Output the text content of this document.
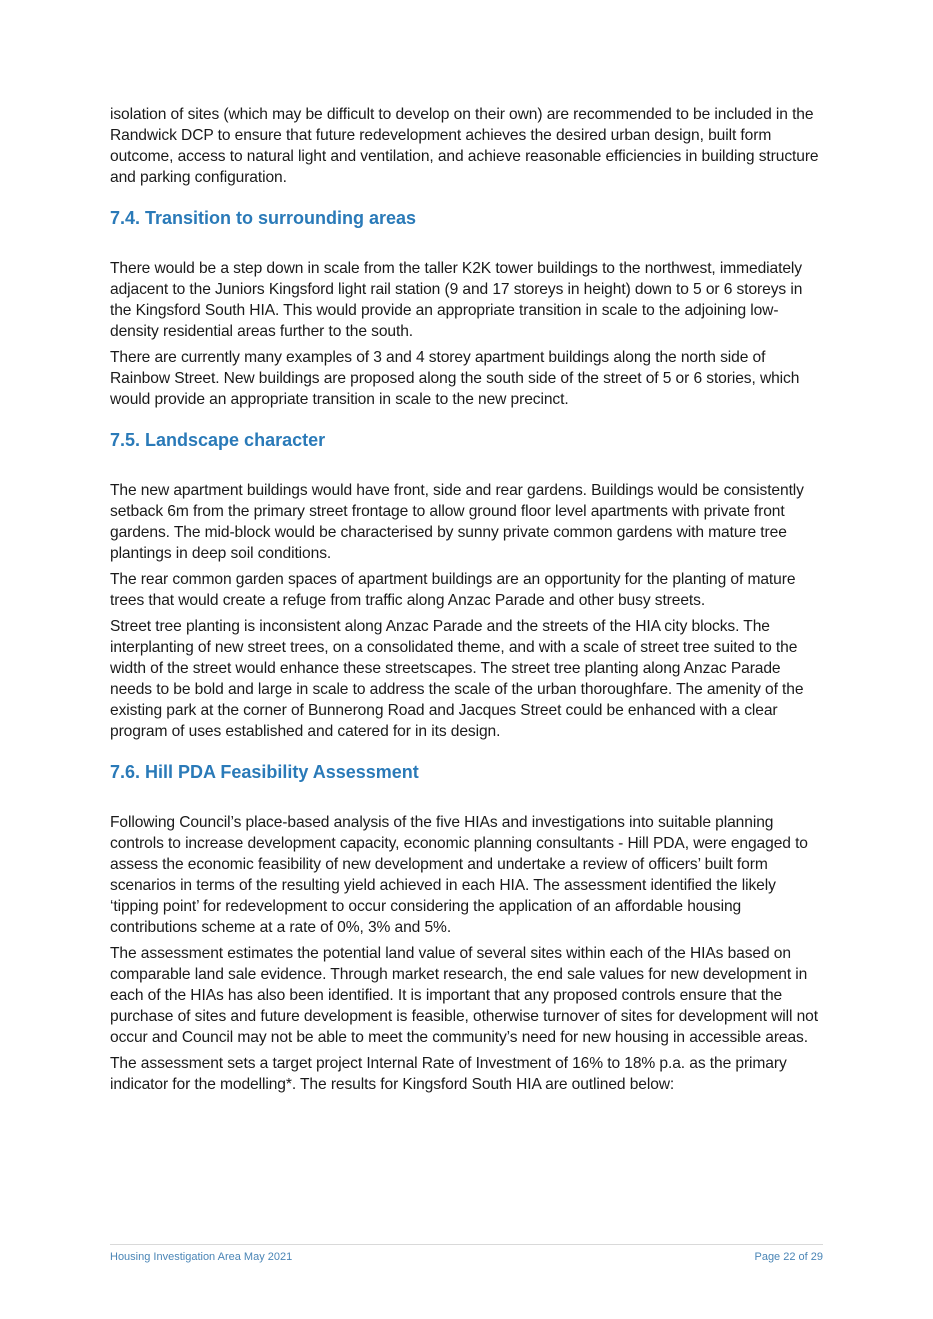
isolation of sites (which may be difficult to develop on their own) are recommended to be included in the Randwick DCP to ensure that future redevelopment achieves the desired urban design, built form outcome, access to natural light and ventilation, and achieve reasonable efficiencies in building structure and parking configuration.

7.4. Transition to surrounding areas

There would be a step down in scale from the taller K2K tower buildings to the northwest, immediately adjacent to the Juniors Kingsford light rail station (9 and 17 storeys in height) down to 5 or 6 storeys in the Kingsford South HIA. This would provide an appropriate transition in scale to the adjoining low-density residential areas further to the south.

There are currently many examples of 3 and 4 storey apartment buildings along the north side of Rainbow Street. New buildings are proposed along the south side of the street of 5 or 6 stories, which would provide an appropriate transition in scale to the new precinct.

7.5. Landscape character

The new apartment buildings would have front, side and rear gardens. Buildings would be consistently setback 6m from the primary street frontage to allow ground floor level apartments with private front gardens. The mid-block would be characterised by sunny private common gardens with mature tree plantings in deep soil conditions.

The rear common garden spaces of apartment buildings are an opportunity for the planting of mature trees that would create a refuge from traffic along Anzac Parade and other busy streets.

Street tree planting is inconsistent along Anzac Parade and the streets of the HIA city blocks. The interplanting of new street trees, on a consolidated theme, and with a scale of street tree suited to the width of the street would enhance these streetscapes. The street tree planting along Anzac Parade needs to be bold and large in scale to address the scale of the urban thoroughfare. The amenity of the existing park at the corner of Bunnerong Road and Jacques Street could be enhanced with a clear program of uses established and catered for in its design.

7.6. Hill PDA Feasibility Assessment

Following Council’s place-based analysis of the five HIAs and investigations into suitable planning controls to increase development capacity, economic planning consultants - Hill PDA, were engaged to assess the economic feasibility of new development and undertake a review of officers’ built form scenarios in terms of the resulting yield achieved in each HIA. The assessment identified the likely ‘tipping point’ for redevelopment to occur considering the application of an affordable housing contributions scheme at a rate of 0%, 3% and 5%.

The assessment estimates the potential land value of several sites within each of the HIAs based on comparable land sale evidence. Through market research, the end sale values for new development in each of the HIAs has also been identified. It is important that any proposed controls ensure that the purchase of sites and future development is feasible, otherwise turnover of sites for development will not occur and Council may not be able to meet the community’s need for new housing in accessible areas.

The assessment sets a target project Internal Rate of Investment of 16% to 18% p.a. as the primary indicator for the modelling*. The results for Kingsford South HIA are outlined below:

Housing Investigation Area May 2021	Page 22 of 29
